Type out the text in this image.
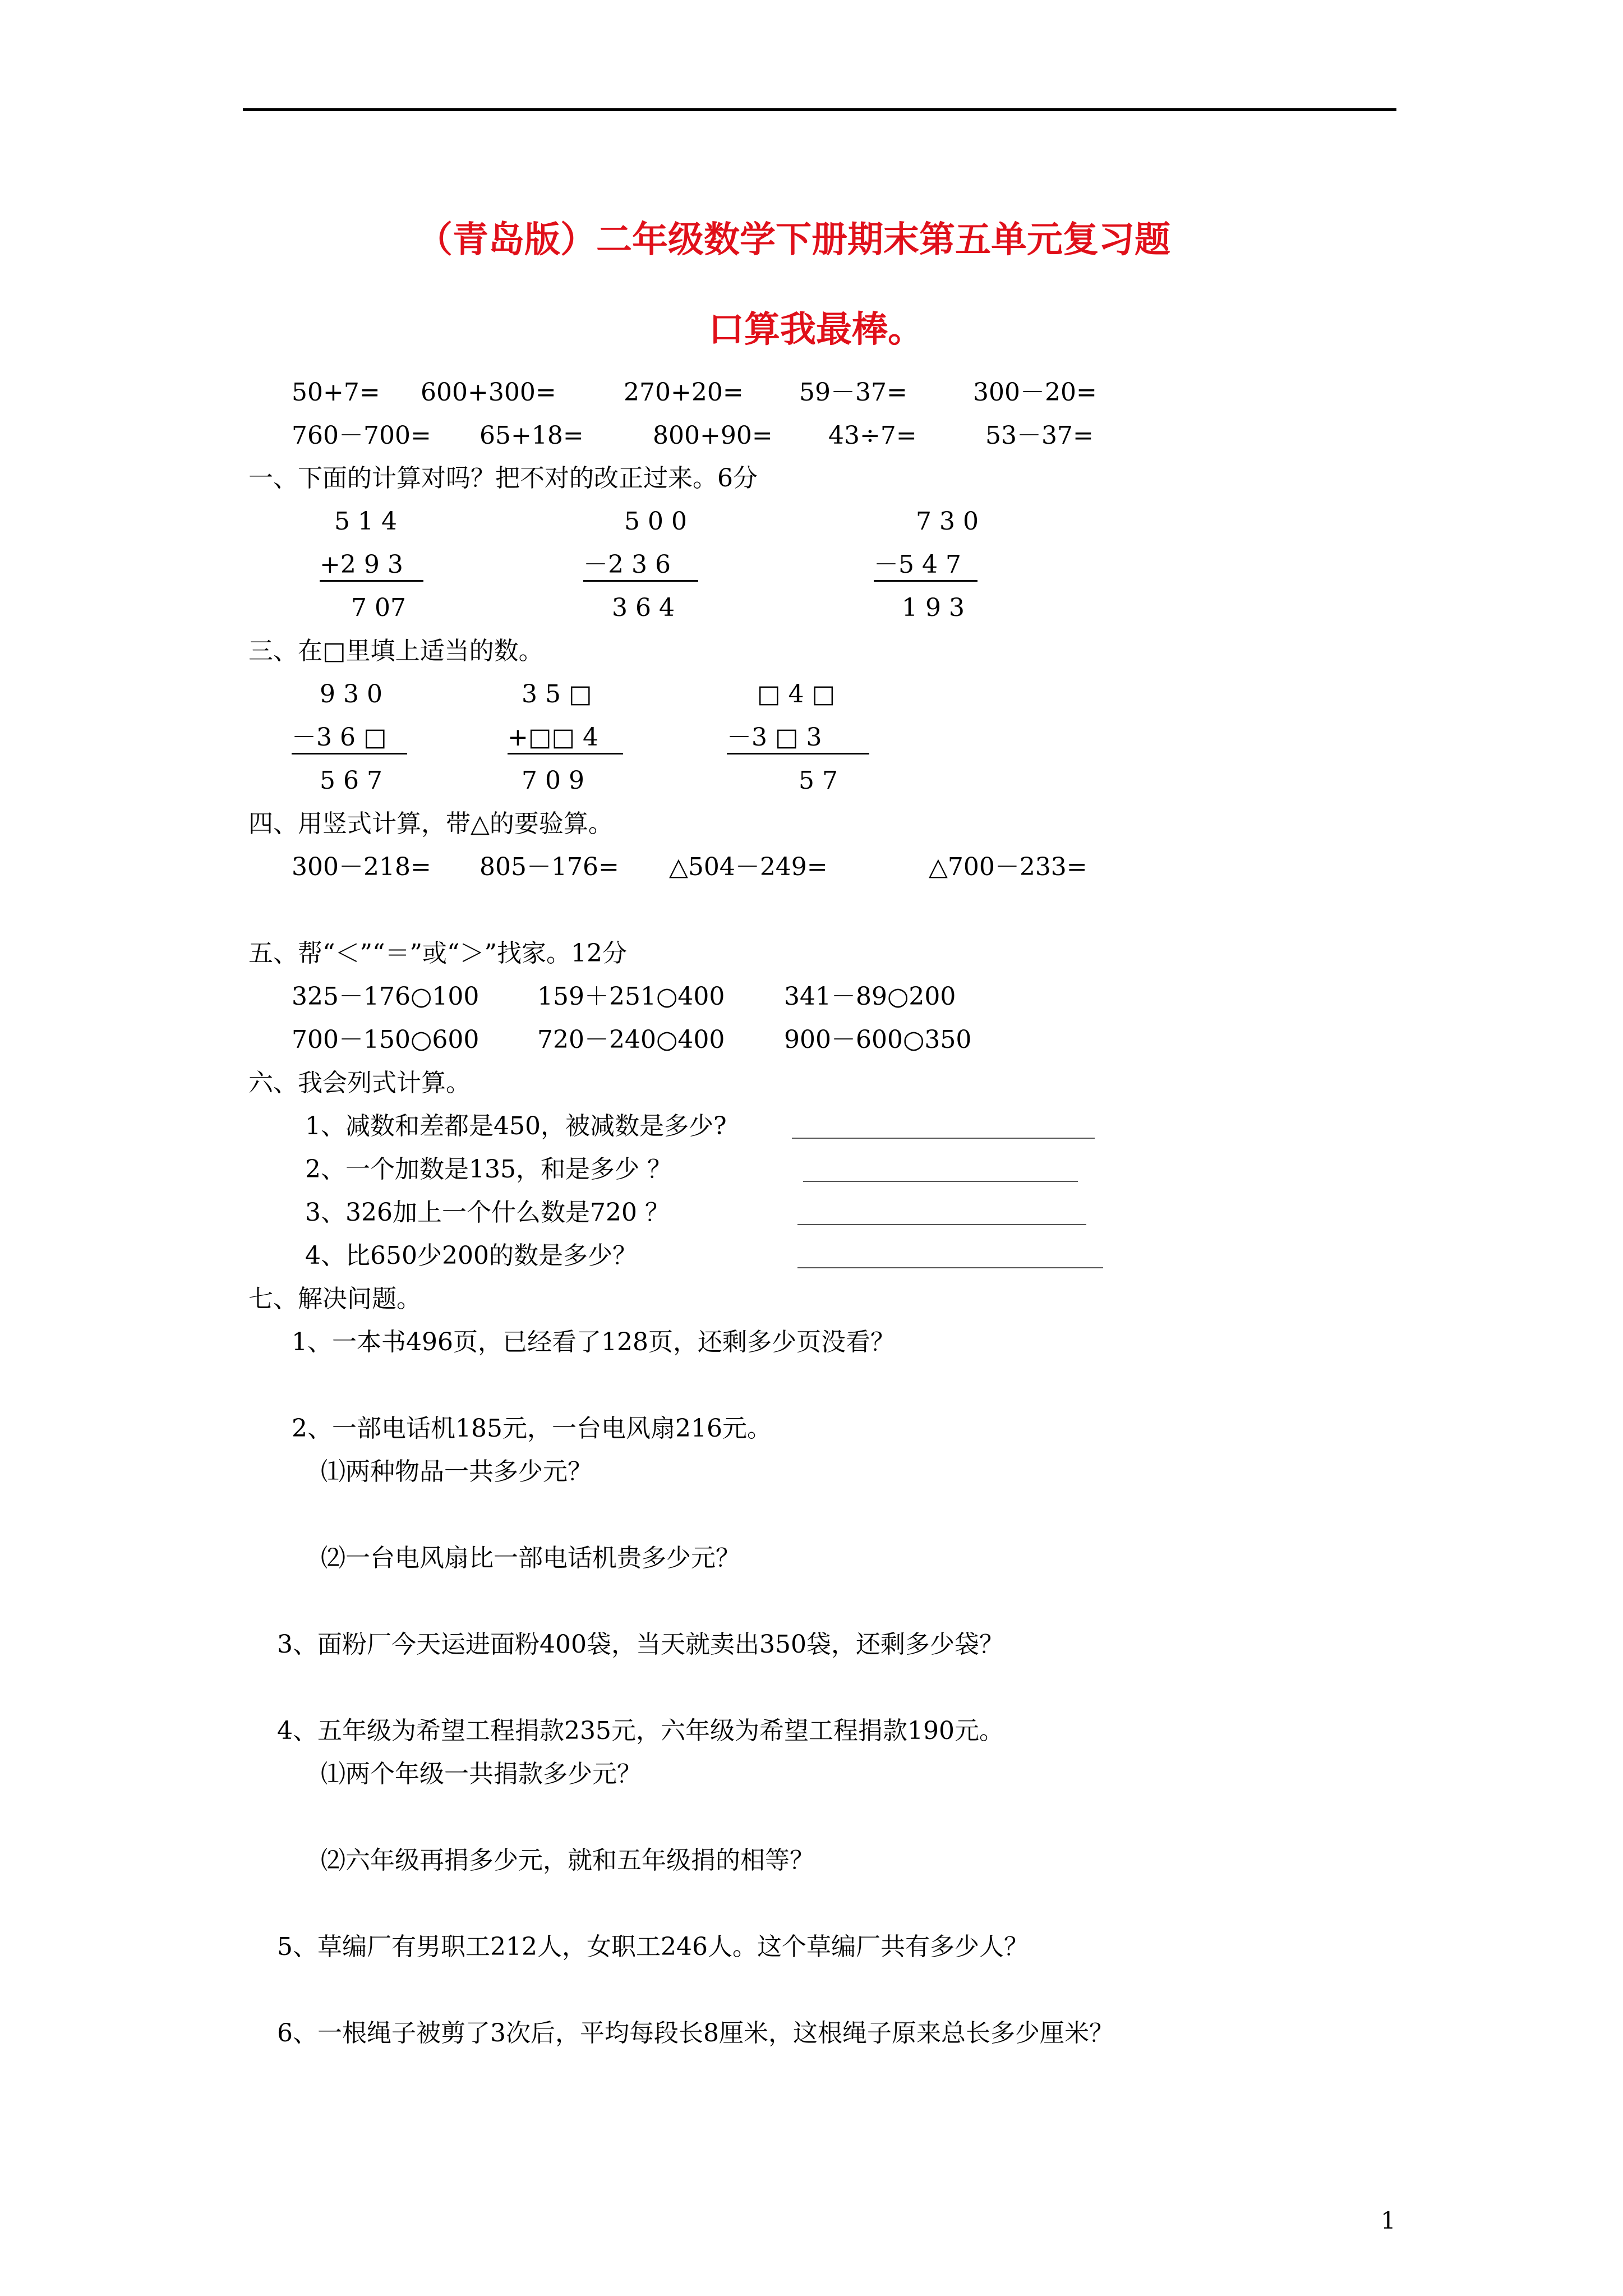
（青岛版）二年级数学下册期末第五单元复习题
口算我最棒。
50+7= 600+300=	270+20= 59－37=	300－20=
760－700= 65+18=	800+90= 43÷7=	53－37=
一、下面的计算对吗？把不对的改正过来。6分
5 1 4
+2 9 3
7 07
5 0 0
－2 3 6
3 6 4
7 3 0
－5 4 7
1 9 3
三、在□里填上适当的数。
9 3 0
－3 6 □
5 6 7
3 5 □
+□□ 4
7 0 9
□ 4 □
－3 □ 3
5 7
四、用竖式计算，带△的要验算。
300－218= 805－176= △504－249=	△700－233=
五、帮“＜”“＝”或“＞”找家。12分
325－176○100 159＋251○400 341－89○200
700－150○600 720－240○400 900－600○350
六、我会列式计算。
1、减数和差都是450，被减数是多少?
2、一个加数是135，和是多少 ？
3、326加上一个什么数是720 ？
4、比650少200的数是多少？
七、解决问题。
1、一本书496页，已经看了128页，还剩多少页没看？
2、一部电话机185元，一台电风扇216元。
⑴两种物品一共多少元？
⑵一台电风扇比一部电话机贵多少元？
3、面粉厂今天运进面粉400袋，当天就卖出350袋，还剩多少袋？
4、五年级为希望工程捐款235元，六年级为希望工程捐款190元。
⑴两个年级一共捐款多少元？
⑵六年级再捐多少元，就和五年级捐的相等？
5、草编厂有男职工212人，女职工246人。这个草编厂共有多少人？
6、一根绳子被剪了3次后，平均每段长8厘米，这根绳子原来总长多少厘米？
1
